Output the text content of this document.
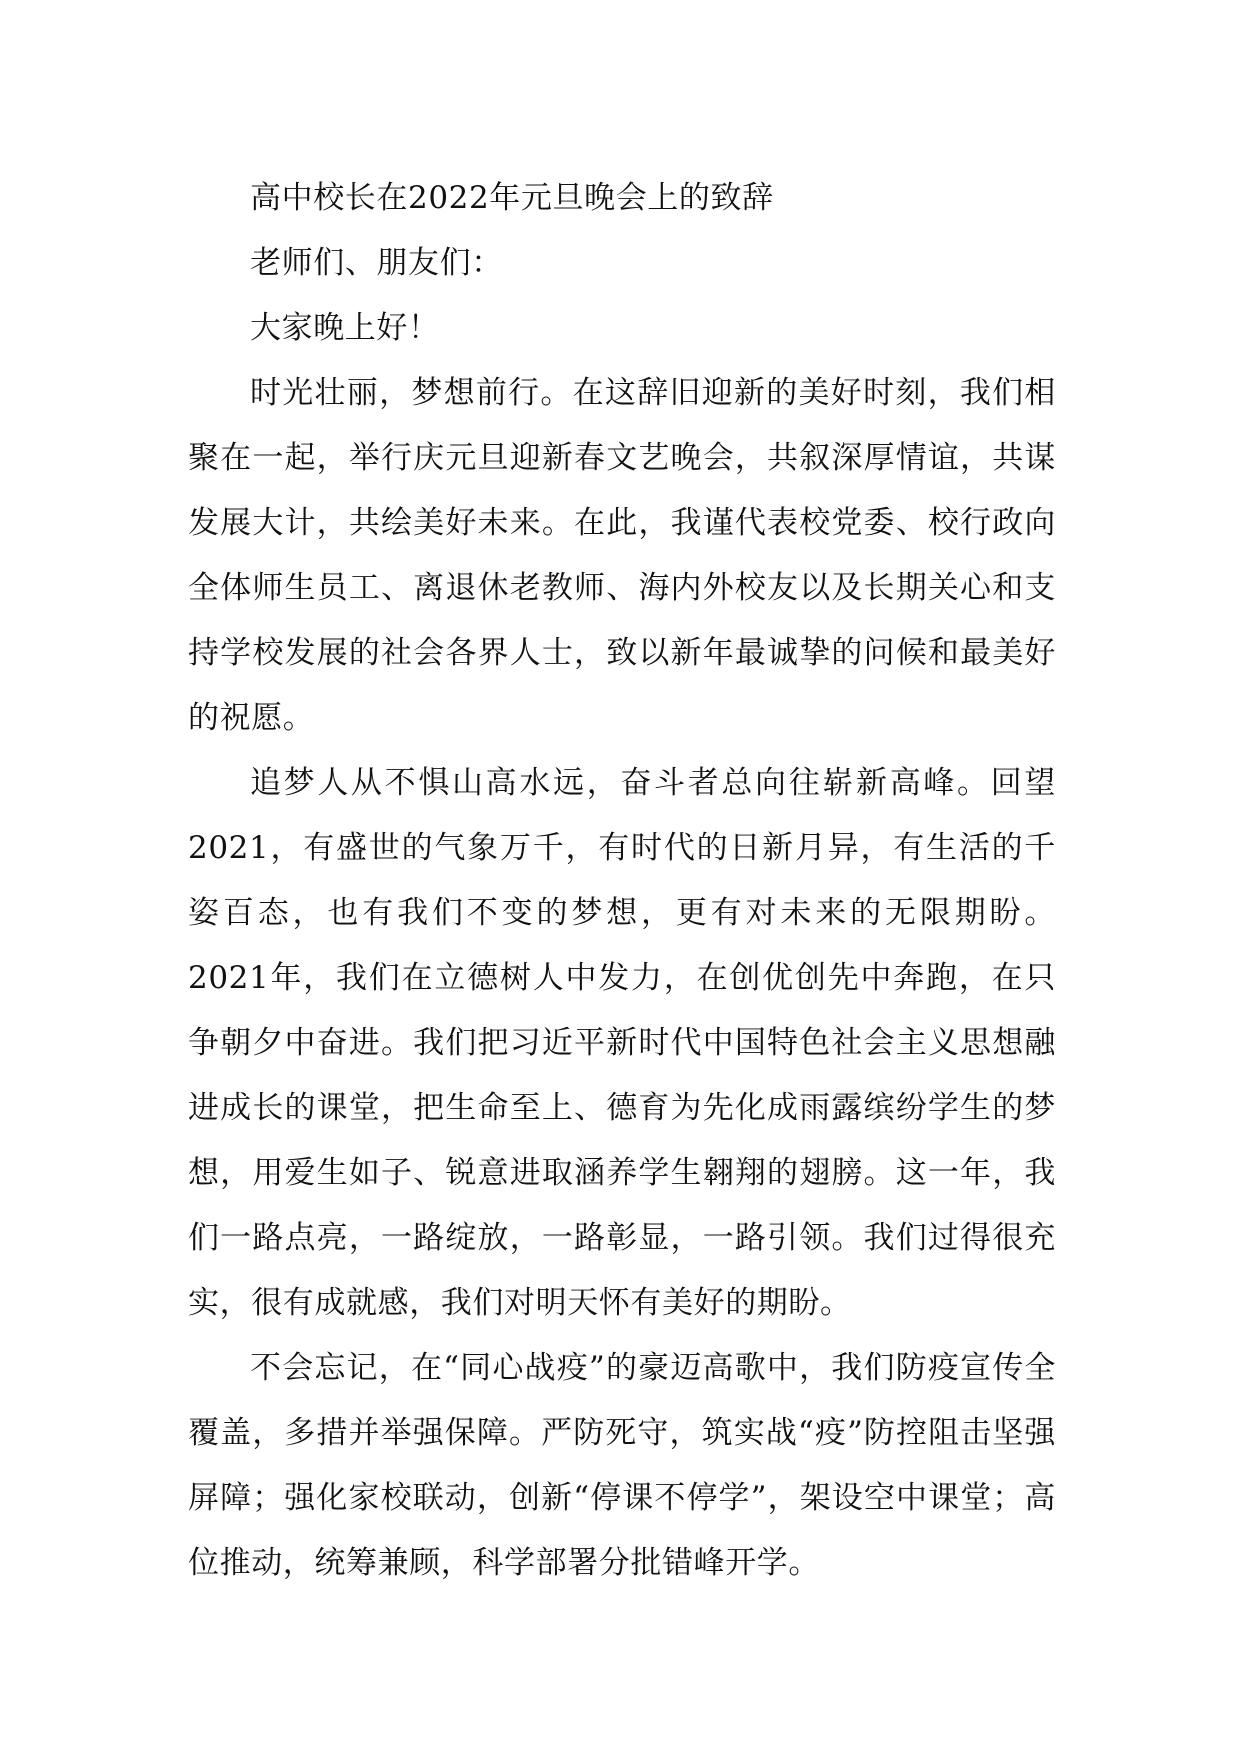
高中校长在2022年元旦晚会上的致辞

老师们、朋友们：

大家晚上好！

时光壮丽，梦想前行。在这辞旧迎新的美好时刻，我们相聚在一起，举行庆元旦迎新春文艺晚会，共叙深厚情谊，共谋发展大计，共绘美好未来。在此，我谨代表校党委、校行政向全体师生员工、离退休老教师、海内外校友以及长期关心和支持学校发展的社会各界人士，致以新年最诚挚的问候和最美好的祝愿。

追梦人从不惧山高水远，奋斗者总向往崭新高峰。回望2021，有盛世的气象万千，有时代的日新月异，有生活的千姿百态，也有我们不变的梦想，更有对未来的无限期盼。2021年，我们在立德树人中发力，在创优创先中奔跑，在只争朝夕中奋进。我们把习近平新时代中国特色社会主义思想融进成长的课堂，把生命至上、德育为先化成雨露缤纷学生的梦想，用爱生如子、锐意进取涵养学生翱翔的翅膀。这一年，我们一路点亮，一路绽放，一路彰显，一路引领。我们过得很充实，很有成就感，我们对明天怀有美好的期盼。

不会忘记，在“同心战疫”的豪迈高歌中，我们防疫宣传全覆盖，多措并举强保障。严防死守，筑实战“疫”防控阻击坚强屏障；强化家校联动，创新“停课不停学”，架设空中课堂；高位推动，统筹兼顾，科学部署分批错峰开学。
